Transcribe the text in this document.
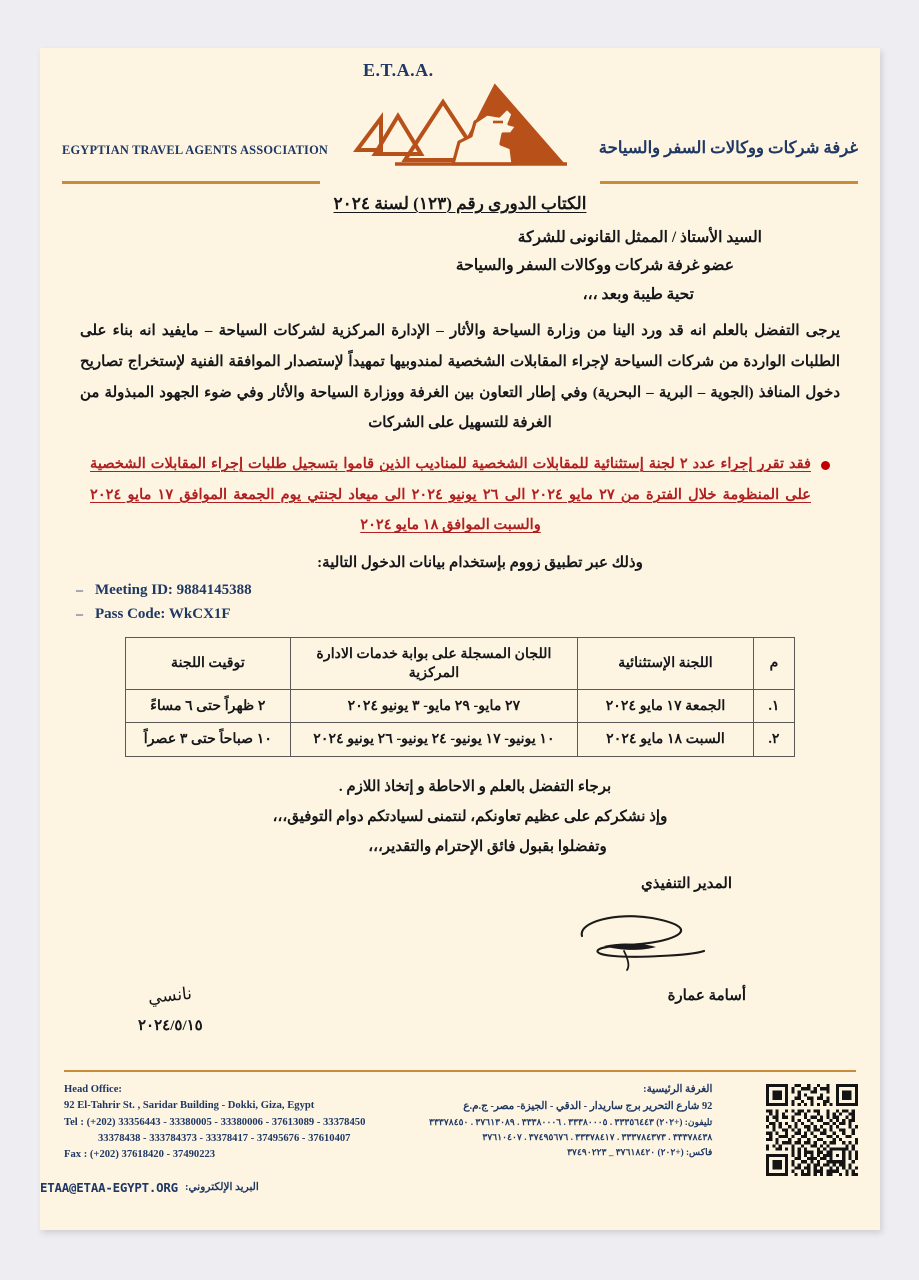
غرفة شركات ووكالات السفر والسياحة
E.T.A.A.
EGYPTIAN TRAVEL AGENTS ASSOCIATION
الكتاب الدورى رقم (١٢٣) لسنة ٢٠٢٤
السيد الأستاذ / الممثل القانونى للشركة
عضو غرفة شركات ووكالات السفر والسياحة
تحية طيبة وبعد ،،،
يرجى التفضل بالعلم انه قد ورد الينا من وزارة السياحة والأثار – الإدارة المركزية لشركات السياحة – مايفيد انه بناء على الطلبات الواردة من شركات السياحة لإجراء المقابلات الشخصية لمندوبيها تمهيداً لإستصدار الموافقة الفنية لإستخراج تصاريح دخول المنافذ (الجوية – البرية – البحرية) وفي إطار التعاون بين الغرفة ووزارة السياحة والأثار وفي ضوء الجهود المبذولة من الغرفة للتسهيل على الشركات
فقد تقرر إجراء عدد ٢ لجنة إستثنائية للمقابلات الشخصية للمناديب الذين قاموا بتسجيل طلبات إجراء المقابلات الشخصية على المنظومة خلال الفترة من ٢٧ مايو ٢٠٢٤ الى ٢٦ يونيو ٢٠٢٤ الى ميعاد لجنتي يوم الجمعة الموافق ١٧ مايو ٢٠٢٤ والسبت الموافق ١٨ مايو ٢٠٢٤
وذلك عبر تطبيق زووم بإستخدام بيانات الدخول التالية:
– Meeting ID: 9884145388
– Pass Code: WkCX1F
م	اللجنة الإستثنائية	اللجان المسجلة على بوابة خدمات الادارة المركزية	توقيت اللجنة
١.	الجمعة ١٧ مايو ٢٠٢٤	٢٧ مايو- ٢٩ مايو- ٣ يونيو ٢٠٢٤	٢ ظهراً حتى ٦ مساءً
٢.	السبت ١٨ مايو ٢٠٢٤	١٠ يونيو- ١٧ يونيو- ٢٤ يونيو- ٢٦ يونيو ٢٠٢٤	١٠ صباحاً حتى ٣ عصراً
برجاء التفضل بالعلم و الاحاطة و إتخاذ اللازم .
وإذ نشكركم على عظيم تعاونكم، لنتمنى لسيادتكم دوام التوفيق،،،
وتفضلوا بقبول فائق الإحترام والتقدير،،،
المدير التنفيذي
أسامة عمارة
نانسي
٢٠٢٤/٥/١٥
Head Office:
92 El-Tahrir St. , Saridar Building - Dokki, Giza, Egypt
Tel : (+202) 33356443 - 33380005 - 33380006 - 37613089 - 33378450
33378438 - 333784373 - 33378417 - 37495676 - 37610407
Fax : (+202) 37618420 - 37490223
الغرفة الرئيسية:
92 شارع التحرير برج ساريدار - الدقي - الجيزة- مصر- ج.م.ع
تليفون: (+٢٠٢) ٣٣٣٥٦٤٤٣ . ٣٣٣٨٠٠٠٥ . ٣٣٣٨٠٠٠٦ . ٣٧٦١٣٠٨٩ . ٣٣٣٧٨٤٥٠
٣٣٣٧٨٤٣٨ . ٣٣٣٧٨٤٣٧٣ . ٣٣٣٧٨٤١٧ . ٣٧٤٩٥٦٧٦ . ٣٧٦١٠٤٠٧
فاكس: (+٢٠٢) ٣٧٦١٨٤٢٠ _ ٣٧٤٩٠٢٢٣
البريد الإلكتروني:
ETAA@ETAA-EGYPT.ORG
